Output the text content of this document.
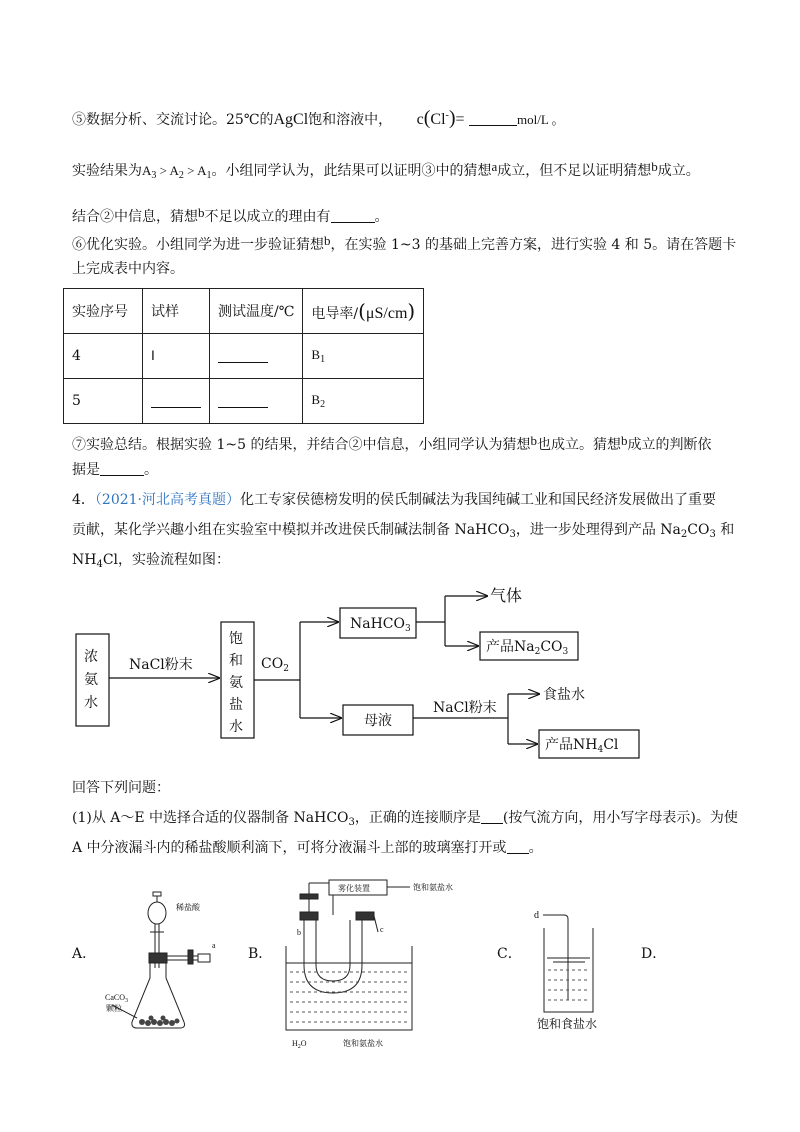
⑤数据分析、交流讨论。25℃的AgCl饱和溶液中， c(Cl-)=	mol/L 。
实验结果为$A_3 > A_2 > A_1$。小组同学认为，此结果可以证明③中的猜想a成立，但不足以证明猜想b成立。
结合②中信息，猜想b不足以成立的理由有	。
⑥优化实验。小组同学为进一步验证猜想b，在实验 1~3 的基础上完善方案，进行实验 4 和 5。请在答题卡
上完成表中内容。
实验序号	试样	测试温度/℃	电导率/(μS/cm)
4	Ⅰ		$B_1$
5			$B_2$
⑦实验总结。根据实验 1~5 的结果，并结合②中信息，小组同学认为猜想b也成立。猜想b成立的判断依
据是	。
4．（2021·河北高考真题）化工专家侯德榜发明的侯氏制碱法为我国纯碱工业和国民经济发展做出了重要
贡献，某化学兴趣小组在实验室中模拟并改进侯氏制碱法制备 NaHCO$_3$，进一步处理得到产品 $Na_2CO_3$ 和
$NH_4Cl$，实验流程如图：
浓
氨
水
NaCl粉末
饱
和
氨
盐
水
$CO_2$
NaHCO$_3$
气体
产品$Na_2CO_3$
母液
NaCl粉末
食盐水
产品$NH_4Cl$
回答下列问题：
(1)从 A～E 中选择合适的仪器制备 NaHCO$_3$，正确的连接顺序是 (按气流方向，用小写字母表示)。为使
A 中分液漏斗内的稀盐酸顺利滴下，可将分液漏斗上部的玻璃塞打开或 。
A．	B．	C．	D．
稀盐酸
a
CaCO$_3$
颗粒
雾化装置	饱和氨盐水
b	c
$H_2O$	饱和氨盐水
d
饱和食盐水
